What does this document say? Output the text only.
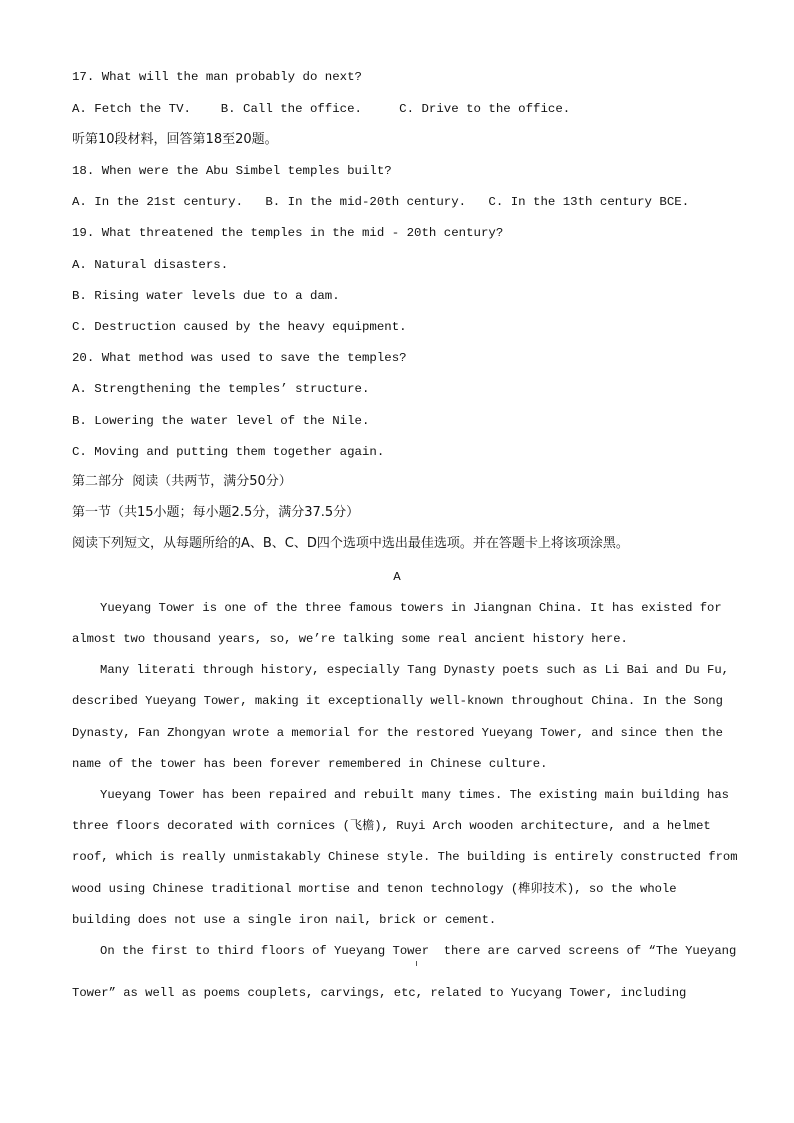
17. What will the man probably do next?
A. Fetch the TV.    B. Call the office.     C. Drive to the office.
听第10段材料，回答第18至20题。
18. When were the Abu Simbel temples built?
A. In the 21st century.   B. In the mid-20th century.   C. In the 13th century BCE.
19. What threatened the temples in the mid - 20th century?
A. Natural disasters.
B. Rising water levels due to a dam.
C. Destruction caused by the heavy equipment.
20. What method was used to save the temples?
A. Strengthening the temples’ structure.
B. Lowering the water level of the Nile.
C. Moving and putting them together again.
第二部分  阅读（共两节，满分50分）
第一节（共15小题；每小题2.5分，满分37.5分）
阅读下列短文，从每题所给的A、B、C、D四个选项中选出最佳选项。并在答题卡上将该项涂黑。
A
Yueyang Tower is one of the three famous towers in Jiangnan China. It has existed for
almost two thousand years, so, we’re talking some real ancient history here.
Many literati through history, especially Tang Dynasty poets such as Li Bai and Du Fu,
described Yueyang Tower, making it exceptionally well-known throughout China. In the Song
Dynasty, Fan Zhongyan wrote a memorial for the restored Yueyang Tower, and since then the
name of the tower has been forever remembered in Chinese culture.
Yueyang Tower has been repaired and rebuilt many times. The existing main building has
three floors decorated with cornices (飞檐), Ruyi Arch wooden architecture, and a helmet
roof, which is really unmistakably Chinese style. The building is entirely constructed from
wood using Chinese traditional mortise and tenon technology (榫卯技术), so the whole
building does not use a single iron nail, brick or cement.
On the first to third floors of Yueyang Tower  there are carved screens of “The Yueyang
Tower” as well as poems couplets, carvings, etc, related to Yucyang Tower, including
